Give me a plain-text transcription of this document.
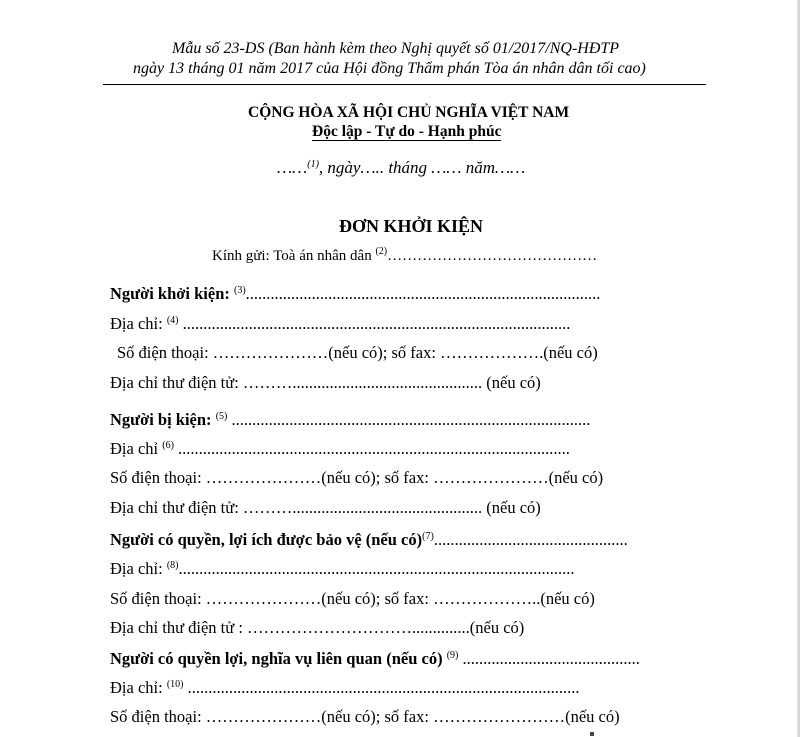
Mẫu số 23-DS (Ban hành kèm theo Nghị quyết số 01/2017/NQ-HĐTP
ngày 13 tháng 01 năm 2017 của Hội đồng Thẩm phán Tòa án nhân dân tối cao)
CỘNG HÒA XÃ HỘI CHỦ NGHĨA VIỆT NAM
Độc lập - Tự do - Hạnh phúc
……$^{(1)}$, ngày….. tháng …… năm……
ĐƠN KHỞI KIỆN
Kính gửi: Toà án nhân dân $^{(2)}$……………………………………
Người khởi kiện: $^{(3)}$......................................................................................
Địa chỉ: $^{(4)}$ ..............................................................................................
Số điện thoại: …………………(nếu có); số fax: ……………….(nếu có)
Địa chỉ thư điện tử: ……….............................................. (nếu có)
Người bị kiện: $^{(5)}$ .......................................................................................
Địa chỉ $^{(6)}$ ...............................................................................................
Số điện thoại: …………………(nếu có); số fax: …………………(nếu có)
Địa chỉ thư điện tử: ……….............................................. (nếu có)
Người có quyền, lợi ích được bảo vệ (nếu có)$^{(7)}$...............................................
Địa chỉ: $^{(8)}$................................................................................................
Số điện thoại: …………………(nếu có); số fax: ………………..(nếu có)
Địa chỉ thư điện tử : …………………………..............(nếu có)
Người có quyền lợi, nghĩa vụ liên quan (nếu có) $^{(9)}$ ...........................................
Địa chỉ: $^{(10)}$ ...............................................................................................
Số điện thoại: …………………(nếu có); số fax: ……………………(nếu có)
